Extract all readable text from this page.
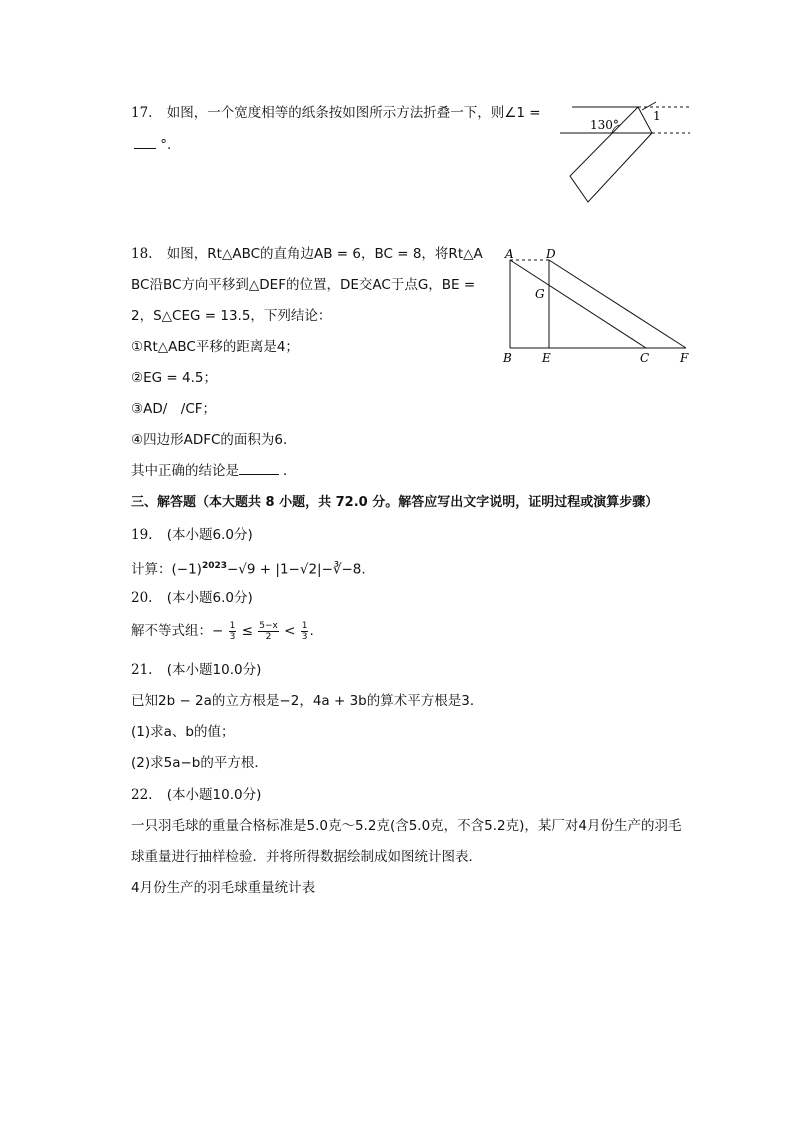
17. 如图，一个宽度相等的纸条按如图所示方法折叠一下，则∠1 =
°.
130°
1
18. 如图，Rt△ABC的直角边AB = 6，BC = 8，将Rt△A
BC沿BC方向平移到△DEF的位置，DE交AC于点G，BE =
2，S△CEG = 13.5，下列结论：
①Rt△ABC平移的距离是4；
②EG = 4.5；
③AD/　/CF；
④四边形ADFC的面积为6．
其中正确的结论是	．
A	D
G
B	E	C	F
三、解答题（本大题共 8 小题，共 72.0 分。解答应写出文字说明，证明过程或演算步骤）
19. (本小题6.0分)
计算：$(-1)^{2023}-√9$ + |1−√2|−∛−8.
20. (本小题6.0分)
解不等式组：− $\frac{1}{3} \le \frac{5-x}{2} < \frac{1}{3}$ .
21. (本小题10.0分)
已知2b − 2a的立方根是−2，4a + 3b的算术平方根是3．
(1)求a、b的值；
(2)求5a−b的平方根．
22. (本小题10.0分)
一只羽毛球的重量合格标准是5.0克～5.2克(含5.0克，不含5.2克)，某厂对4月份生产的羽毛
球重量进行抽样检验．并将所得数据绘制成如图统计图表．
4月份生产的羽毛球重量统计表
